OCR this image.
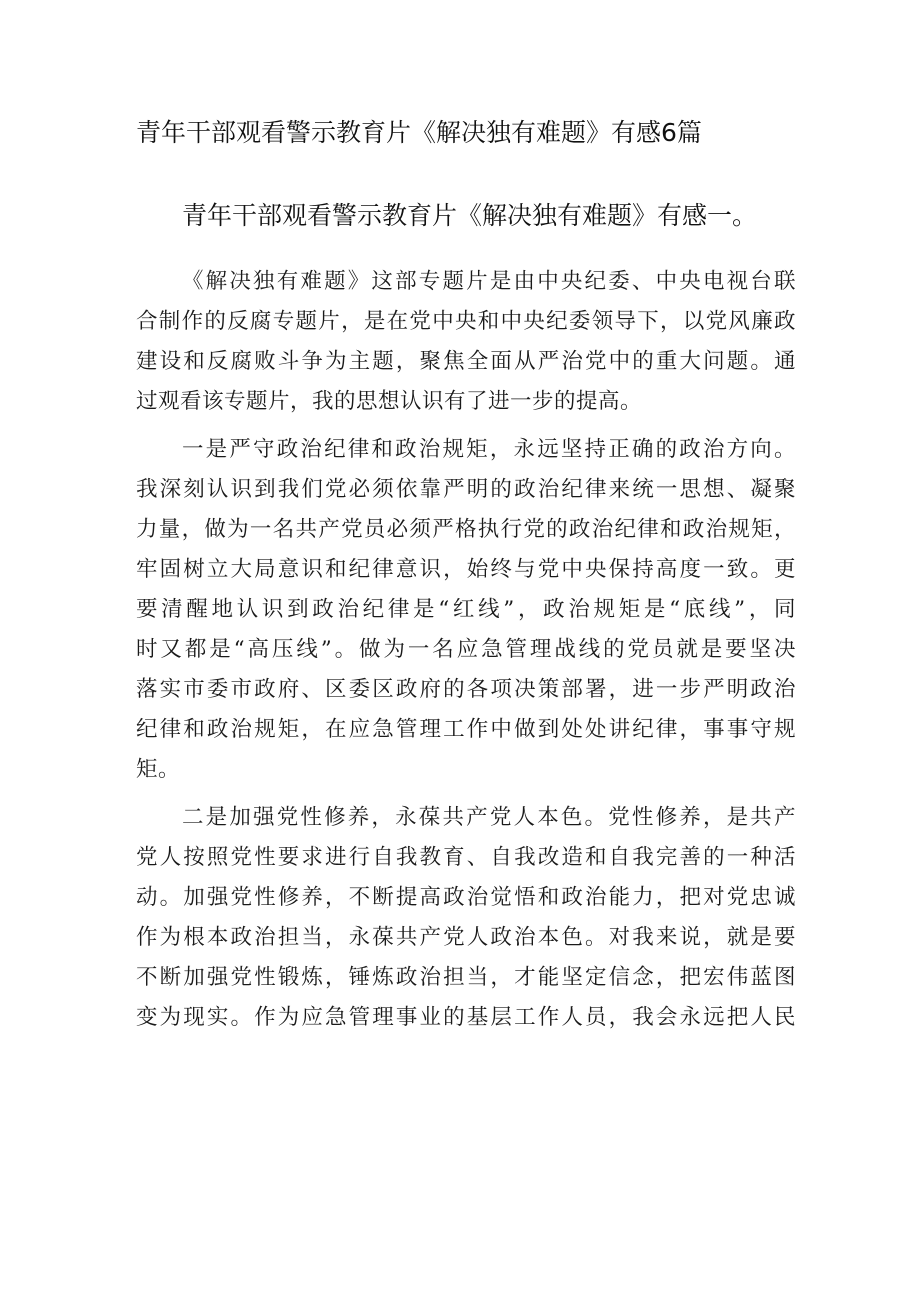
青年干部观看警示教育片《解决独有难题》有感6篇
青年干部观看警示教育片《解决独有难题》有感一。

《解决独有难题》这部专题片是由中央纪委、中央电视台联
合制作的反腐专题片，是在党中央和中央纪委领导下，以党风廉政
建设和反腐败斗争为主题，聚焦全面从严治党中的重大问题。通
过观看该专题片，我的思想认识有了进一步的提高。

一是严守政治纪律和政治规矩，永远坚持正确的政治方向。
我深刻认识到我们党必须依靠严明的政治纪律来统一思想、凝聚
力量，做为一名共产党员必须严格执行党的政治纪律和政治规矩，
牢固树立大局意识和纪律意识，始终与党中央保持高度一致。更
要清醒地认识到政治纪律是“红线”，政治规矩是“底线”，同
时又都是“高压线”。做为一名应急管理战线的党员就是要坚决
落实市委市政府、区委区政府的各项决策部署，进一步严明政治
纪律和政治规矩，在应急管理工作中做到处处讲纪律，事事守规
矩。

二是加强党性修养，永葆共产党人本色。党性修养，是共产
党人按照党性要求进行自我教育、自我改造和自我完善的一种活
动。加强党性修养，不断提高政治觉悟和政治能力，把对党忠诚
作为根本政治担当，永葆共产党人政治本色。对我来说，就是要
不断加强党性锻炼，锤炼政治担当，才能坚定信念，把宏伟蓝图
变为现实。作为应急管理事业的基层工作人员，我会永远把人民
